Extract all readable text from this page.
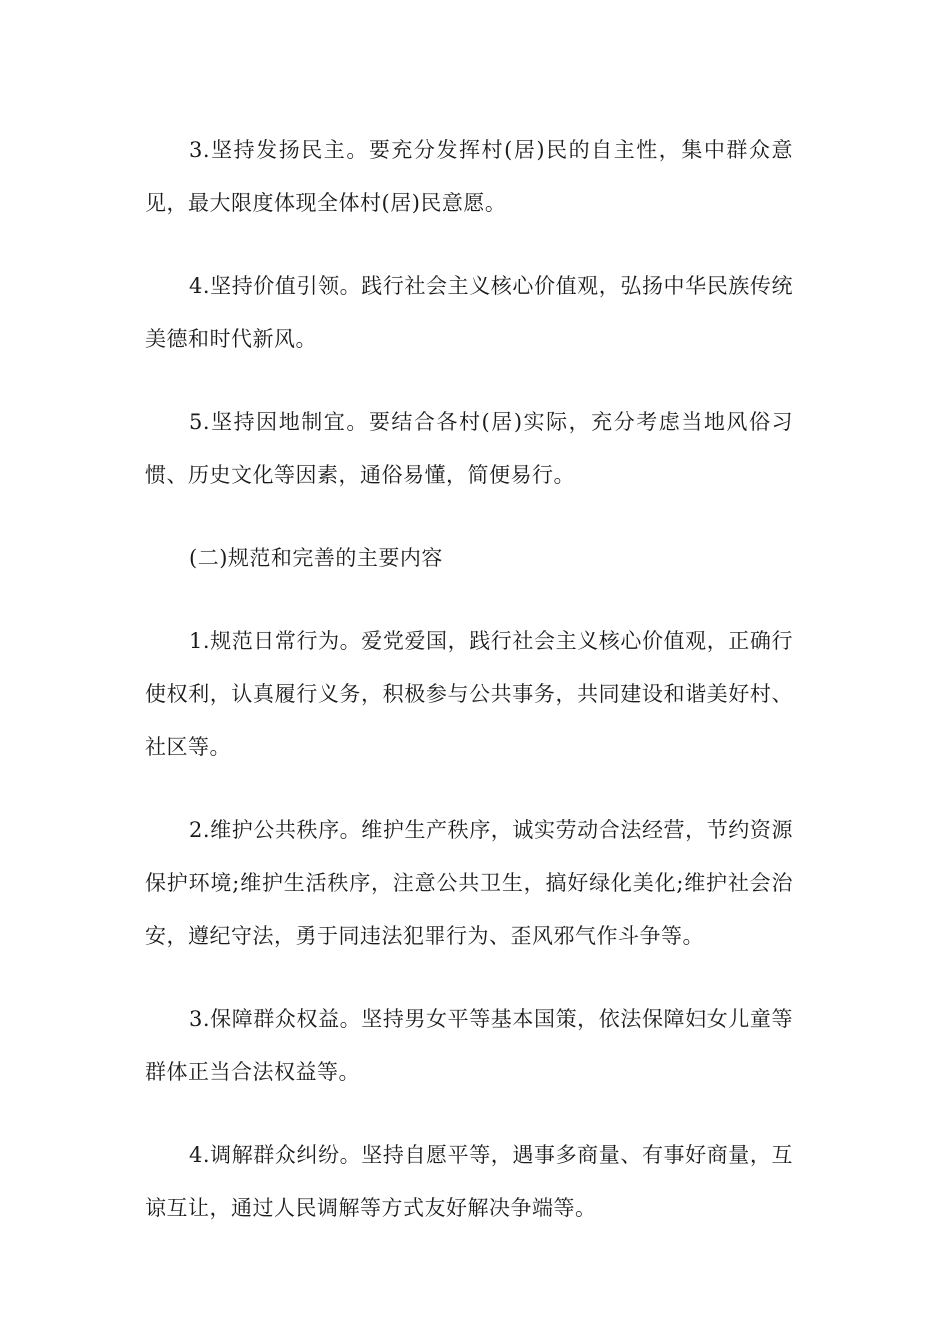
3.坚持发扬民主。要充分发挥村(居)民的自主性，集中群众意见，最大限度体现全体村(居)民意愿。

4.坚持价值引领。践行社会主义核心价值观，弘扬中华民族传统美德和时代新风。

5.坚持因地制宜。要结合各村(居)实际，充分考虑当地风俗习惯、历史文化等因素，通俗易懂，简便易行。

(二)规范和完善的主要内容

1.规范日常行为。爱党爱国，践行社会主义核心价值观，正确行使权利，认真履行义务，积极参与公共事务，共同建设和谐美好村、社区等。

2.维护公共秩序。维护生产秩序，诚实劳动合法经营，节约资源保护环境;维护生活秩序，注意公共卫生，搞好绿化美化;维护社会治安，遵纪守法，勇于同违法犯罪行为、歪风邪气作斗争等。

3.保障群众权益。坚持男女平等基本国策，依法保障妇女儿童等群体正当合法权益等。

4.调解群众纠纷。坚持自愿平等，遇事多商量、有事好商量，互谅互让，通过人民调解等方式友好解决争端等。
